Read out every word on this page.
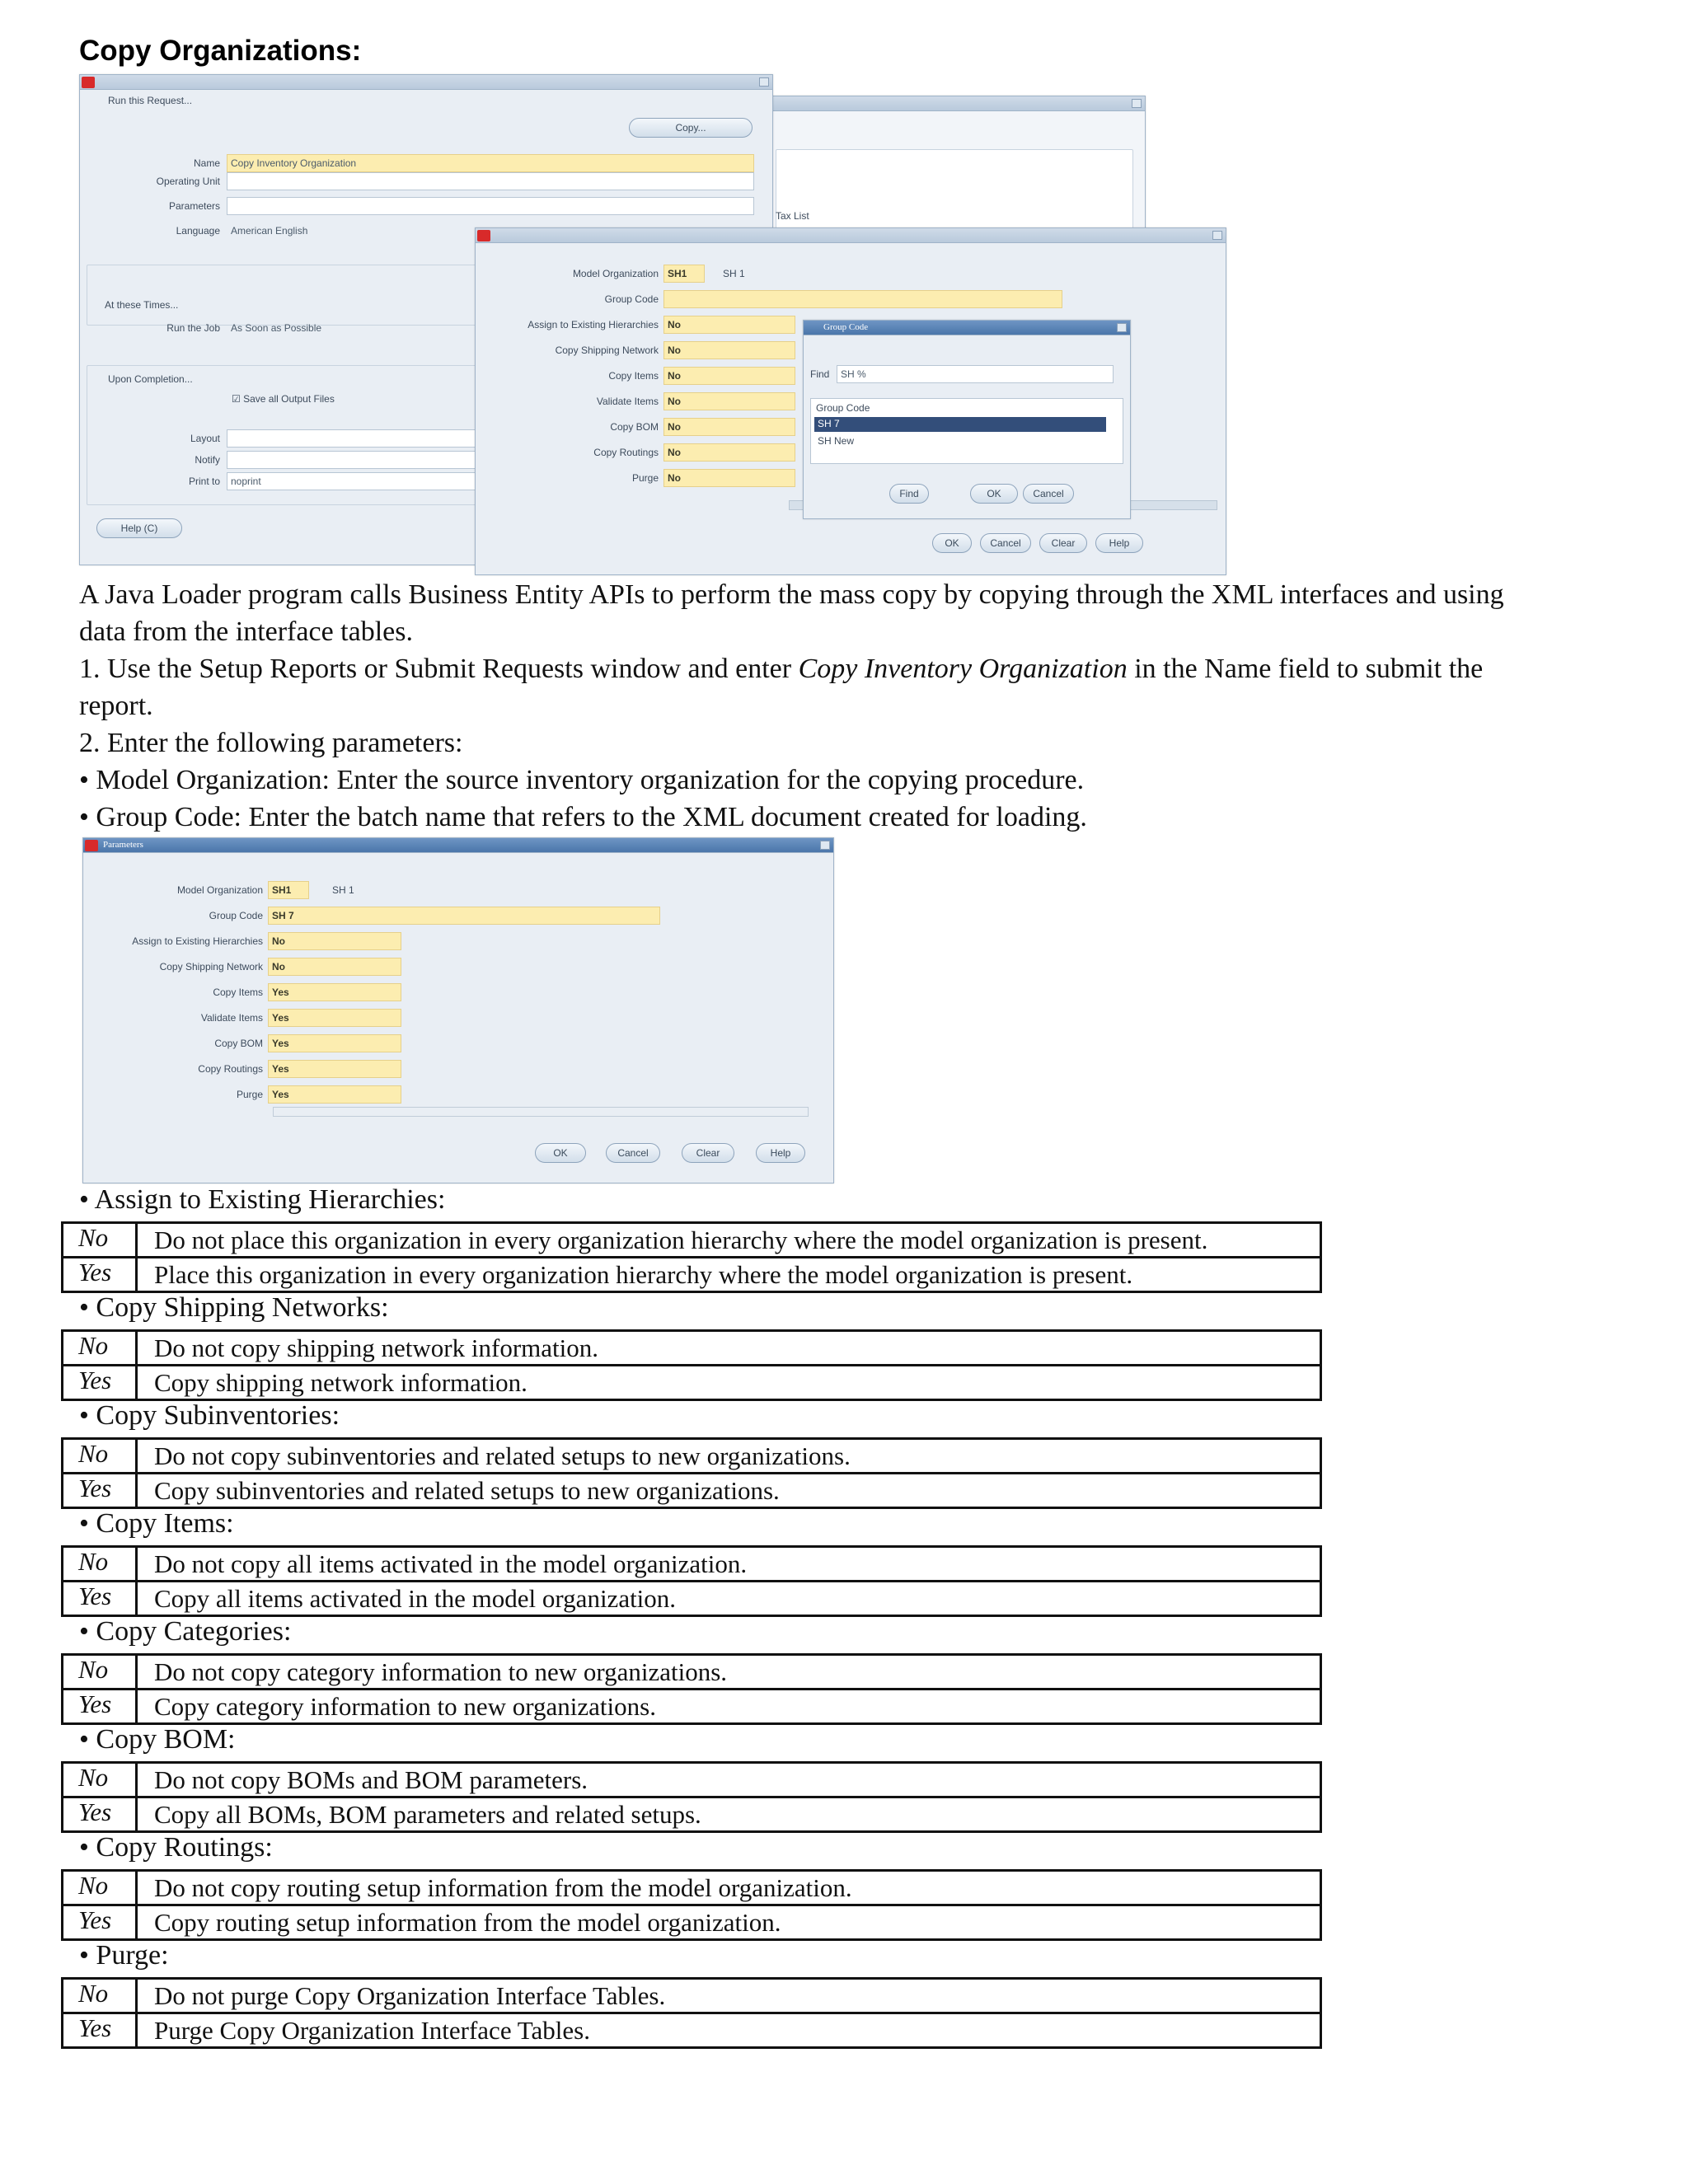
Copy Organizations:
Tax List
Run this Request...
Copy...
Name	Copy Inventory Organization
Operating Unit
Parameters
Language	American English
At these Times...
Run the Job	As Soon as Possible
Upon Completion...
☑ Save all Output Files
Layout
Notify
Print to	noprint
Help (C)
Model Organization SH1	SH 1
Group Code
Assign to Existing Hierarchies No
Copy Shipping Network No
Copy Items No
Validate Items No
Copy BOM No
Copy Routings No
Purge No
OK	Cancel	Clear	Help
Group Code
Find	SH %
Group Code
SH 7
SH New
Find	OK	Cancel
A Java Loader program calls Business Entity APIs to perform the mass copy by copying through the XML interfaces and using
data from the interface tables.
1. Use the Setup Reports or Submit Requests window and enter Copy Inventory Organization in the Name field to submit the
report.
2. Enter the following parameters:
• Model Organization: Enter the source inventory organization for the copying procedure.
• Group Code: Enter the batch name that refers to the XML document created for loading.
Parameters
Model Organization SH1	SH 1
Group Code SH 7
Assign to Existing Hierarchies No
Copy Shipping Network No
Copy Items Yes
Validate Items Yes
Copy BOM Yes
Copy Routings Yes
Purge Yes
OK	Cancel	Clear	Help
• Assign to Existing Hierarchies:
No	Do not place this organization in every organization hierarchy where the model organization is present.
Yes	Place this organization in every organization hierarchy where the model organization is present.
• Copy Shipping Networks:
No	Do not copy shipping network information.
Yes	Copy shipping network information.
• Copy Subinventories:
No	Do not copy subinventories and related setups to new organizations.
Yes	Copy subinventories and related setups to new organizations.
• Copy Items:
No	Do not copy all items activated in the model organization.
Yes	Copy all items activated in the model organization.
• Copy Categories:
No	Do not copy category information to new organizations.
Yes	Copy category information to new organizations.
• Copy BOM:
No	Do not copy BOMs and BOM parameters.
Yes	Copy all BOMs, BOM parameters and related setups.
• Copy Routings:
No	Do not copy routing setup information from the model organization.
Yes	Copy routing setup information from the model organization.
• Purge:
No	Do not purge Copy Organization Interface Tables.
Yes	Purge Copy Organization Interface Tables.
